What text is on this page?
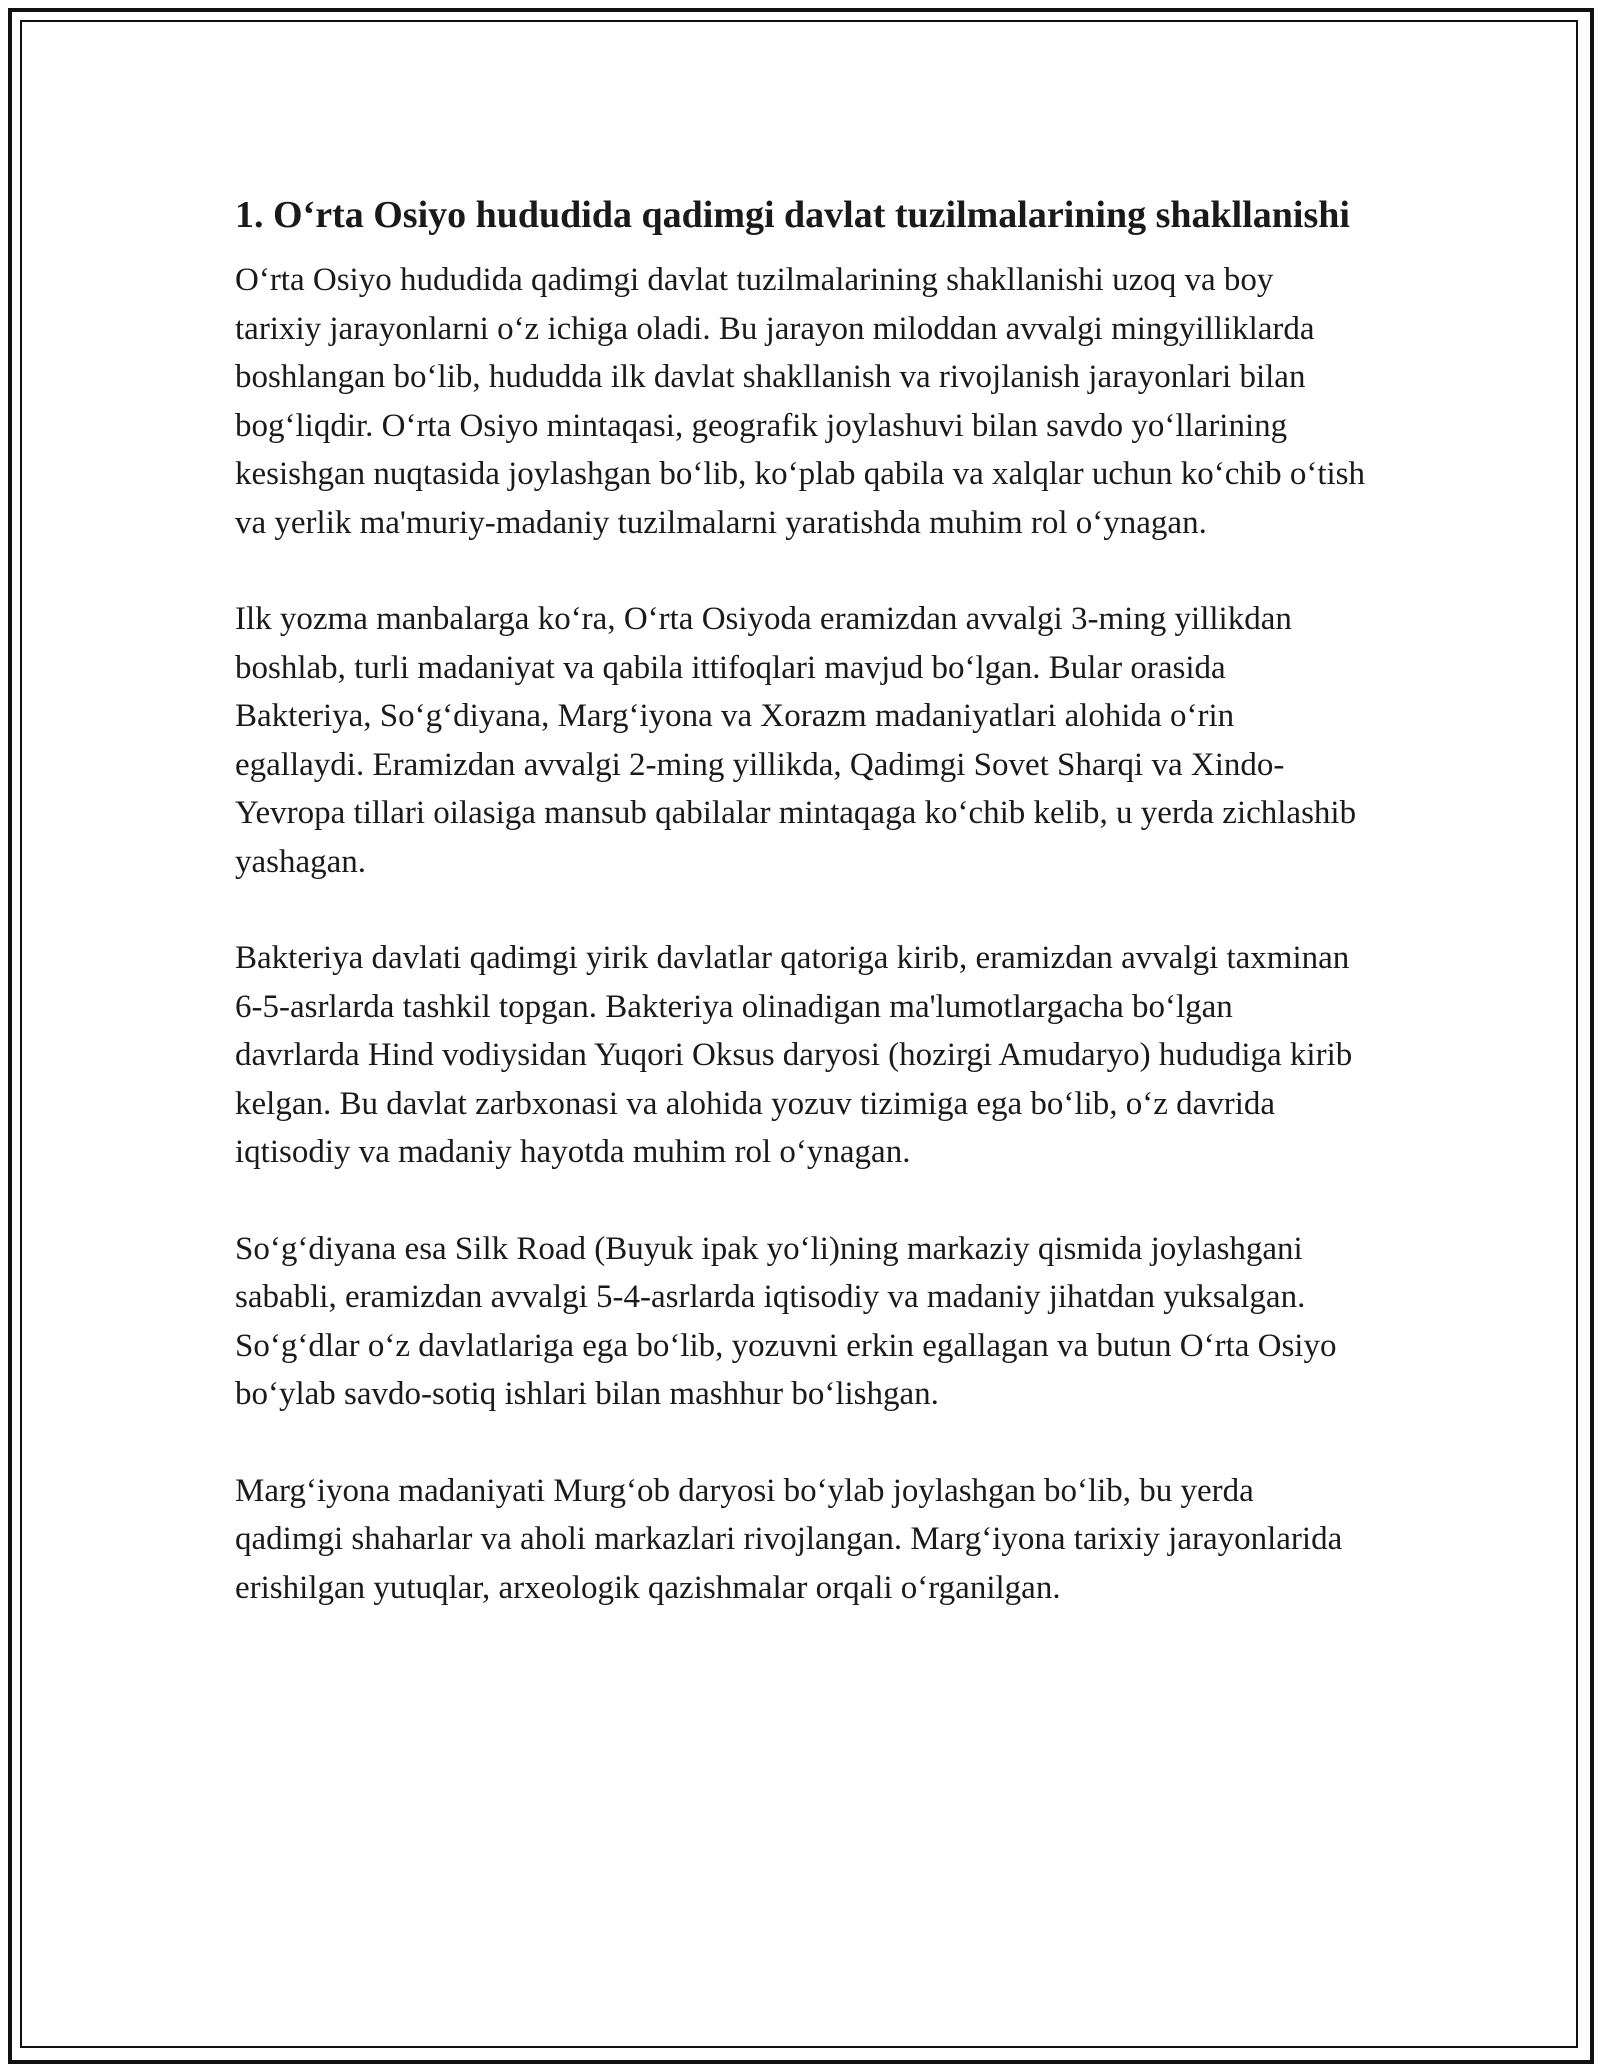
1. O‘rta Osiyo hududida qadimgi davlat tuzilmalarining shakllanishi

O‘rta Osiyo hududida qadimgi davlat tuzilmalarining shakllanishi uzoq va boy tarixiy jarayonlarni o‘z ichiga oladi. Bu jarayon miloddan avvalgi mingyilliklarda boshlangan bo‘lib, hududda ilk davlat shakllanish va rivojlanish jarayonlari bilan bog‘liqdir. O‘rta Osiyo mintaqasi, geografik joylashuvi bilan savdo yo‘llarining kesishgan nuqtasida joylashgan bo‘lib, ko‘plab qabila va xalqlar uchun ko‘chib o‘tish va yerlik ma'muriy-madaniy tuzilmalarni yaratishda muhim rol o‘ynagan.

Ilk yozma manbalarga ko‘ra, O‘rta Osiyoda eramizdan avvalgi 3-ming yillikdan boshlab, turli madaniyat va qabila ittifoqlari mavjud bo‘lgan. Bular orasida Bakteriya, So‘g‘diyana, Marg‘iyona va Xorazm madaniyatlari alohida o‘rin egallaydi. Eramizdan avvalgi 2-ming yillikda, Qadimgi Sovet Sharqi va Xindo-Yevropa tillari oilasiga mansub qabilalar mintaqaga ko‘chib kelib, u yerda zichlashib yashagan.

Bakteriya davlati qadimgi yirik davlatlar qatoriga kirib, eramizdan avvalgi taxminan 6-5-asrlarda tashkil topgan. Bakteriya olinadigan ma'lumotlargacha bo‘lgan davrlarda Hind vodiysidan Yuqori Oksus daryosi (hozirgi Amudaryo) hududiga kirib kelgan. Bu davlat zarbxonasi va alohida yozuv tizimiga ega bo‘lib, o‘z davrida iqtisodiy va madaniy hayotda muhim rol o‘ynagan.

So‘g‘diyana esa Silk Road (Buyuk ipak yo‘li)ning markaziy qismida joylashgani sababli, eramizdan avvalgi 5-4-asrlarda iqtisodiy va madaniy jihatdan yuksalgan. So‘g‘dlar o‘z davlatlariga ega bo‘lib, yozuvni erkin egallagan va butun O‘rta Osiyo bo‘ylab savdo-sotiq ishlari bilan mashhur bo‘lishgan.

Marg‘iyona madaniyati Murg‘ob daryosi bo‘ylab joylashgan bo‘lib, bu yerda qadimgi shaharlar va aholi markazlari rivojlangan. Marg‘iyona tarixiy jarayonlarida erishilgan yutuqlar, arxeologik qazishmalar orqali o‘rganilgan.
